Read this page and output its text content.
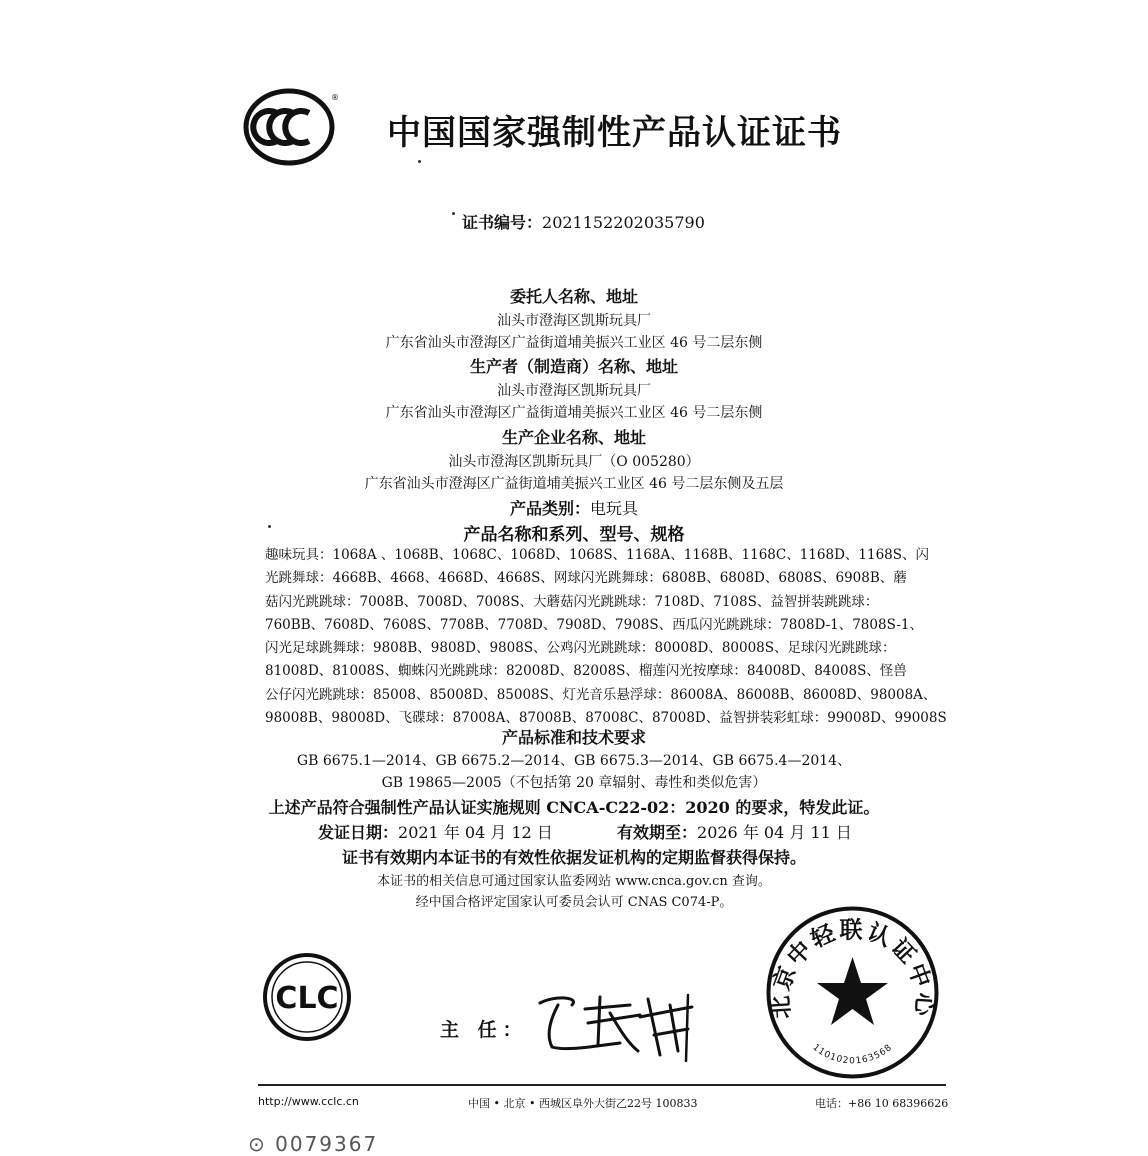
®
CCC
中国国家强制性产品认证证书
证书编号：2021152202035790
委托人名称、地址
汕头市澄海区凯斯玩具厂
广东省汕头市澄海区广益街道埔美振兴工业区 46 号二层东侧
生产者（制造商）名称、地址
汕头市澄海区凯斯玩具厂
广东省汕头市澄海区广益街道埔美振兴工业区 46 号二层东侧
生产企业名称、地址
汕头市澄海区凯斯玩具厂（O 005280）
广东省汕头市澄海区广益街道埔美振兴工业区 46 号二层东侧及五层
产品类别：电玩具
产品名称和系列、型号、规格
趣味玩具：1068A 、1068B、1068C、1068D、1068S、1168A、1168B、1168C、1168D、1168S、闪
光跳舞球：4668B、4668、4668D、4668S、网球闪光跳舞球：6808B、6808D、6808S、6908B、蘑
菇闪光跳跳球：7008B、7008D、7008S、大蘑菇闪光跳跳球：7108D、7108S、益智拼装跳跳球：
760BB、7608D、7608S、7708B、7708D、7908D、7908S、西瓜闪光跳跳球：7808D-1、7808S-1、
闪光足球跳舞球：9808B、9808D、9808S、公鸡闪光跳跳球：80008D、80008S、足球闪光跳跳球：
81008D、81008S、蜘蛛闪光跳跳球：82008D、82008S、榴莲闪光按摩球：84008D、84008S、怪兽
公仔闪光跳跳球：85008、85008D、85008S、灯光音乐悬浮球：86008A、86008B、86008D、98008A、
98008B、98008D、飞碟球：87008A、87008B、87008C、87008D、益智拼装彩虹球：99008D、99008S
产品标准和技术要求
GB 6675.1—2014、GB 6675.2—2014、GB 6675.3—2014、GB 6675.4—2014、
GB 19865—2005（不包括第 20 章辐射、毒性和类似危害）
上述产品符合强制性产品认证实施规则 CNCA-C22-02：2020 的要求，特发此证。
发证日期：2021 年 04 月 12 日	有效期至：2026 年 04 月 11 日
证书有效期内本证书的有效性依据发证机构的定期监督获得保持。
本证书的相关信息可通过国家认监委网站 www.cnca.gov.cn 查询。
经中国合格评定国家认可委员会认可 CNAS C074-P。
CLC
主 任：
北京中轻联认证中心
1101020163568
http://www.cclc.cn	中国 • 北京 • 西城区阜外大街乙22号 100833	电话：+86 10 68396626
⊙ 0079367
